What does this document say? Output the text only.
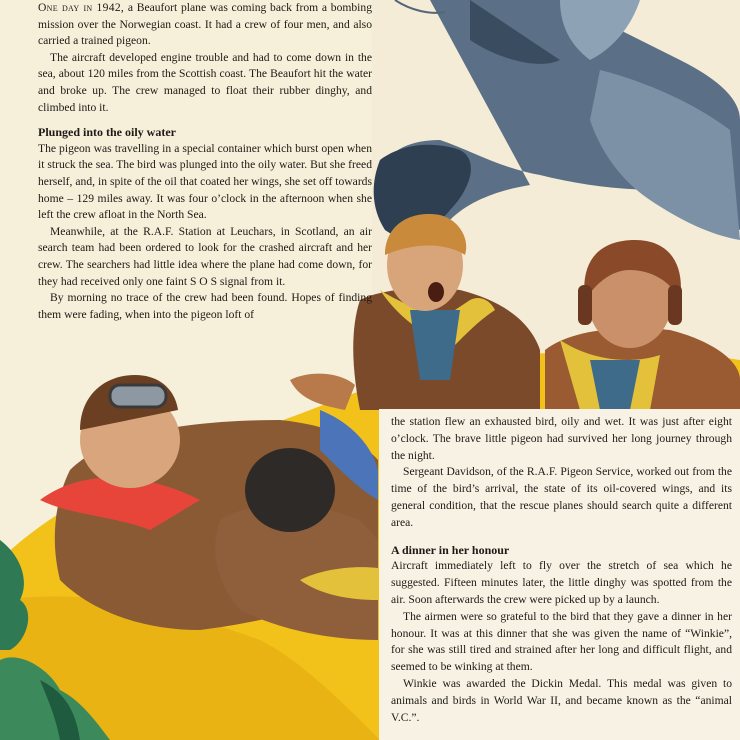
One day in 1942, a Beaufort plane was coming back from a bombing mission over the Norwegian coast. It had a crew of four men, and also carried a trained pigeon.

The aircraft developed engine trouble and had to come down in the sea, about 120 miles from the Scottish coast. The Beaufort hit the water and broke up. The crew managed to float their rubber dinghy, and climbed into it.

Plunged into the oily water

The pigeon was travelling in a special container which burst open when it struck the sea. The bird was plunged into the oily water. But she freed herself, and, in spite of the oil that coated her wings, she set off towards home – 129 miles away. It was four o’clock in the afternoon when she left the crew afloat in the North Sea.

Meanwhile, at the R.A.F. Station at Leuchars, in Scotland, an air search team had been ordered to look for the crashed aircraft and her crew. The searchers had little idea where the plane had come down, for they had received only one faint S O S signal from it.

By morning no trace of the crew had been found. Hopes of finding them were fading, when into the pigeon loft of

the station flew an exhausted bird, oily and wet. It was just after eight o’clock. The brave little pigeon had survived her long journey through the night.

Sergeant Davidson, of the R.A.F. Pigeon Service, worked out from the time of the bird’s arrival, the state of its oil-covered wings, and its general condition, that the rescue planes should search quite a different area.

A dinner in her honour

Aircraft immediately left to fly over the stretch of sea which he suggested. Fifteen minutes later, the little dinghy was spotted from the air. Soon afterwards the crew were picked up by a launch.

The airmen were so grateful to the bird that they gave a dinner in her honour. It was at this dinner that she was given the name of “Winkie”, for she was still tired and strained after her long and difficult flight, and seemed to be winking at them.

Winkie was awarded the Dickin Medal. This medal was given to animals and birds in World War II, and became known as the “animal V.C.”.
